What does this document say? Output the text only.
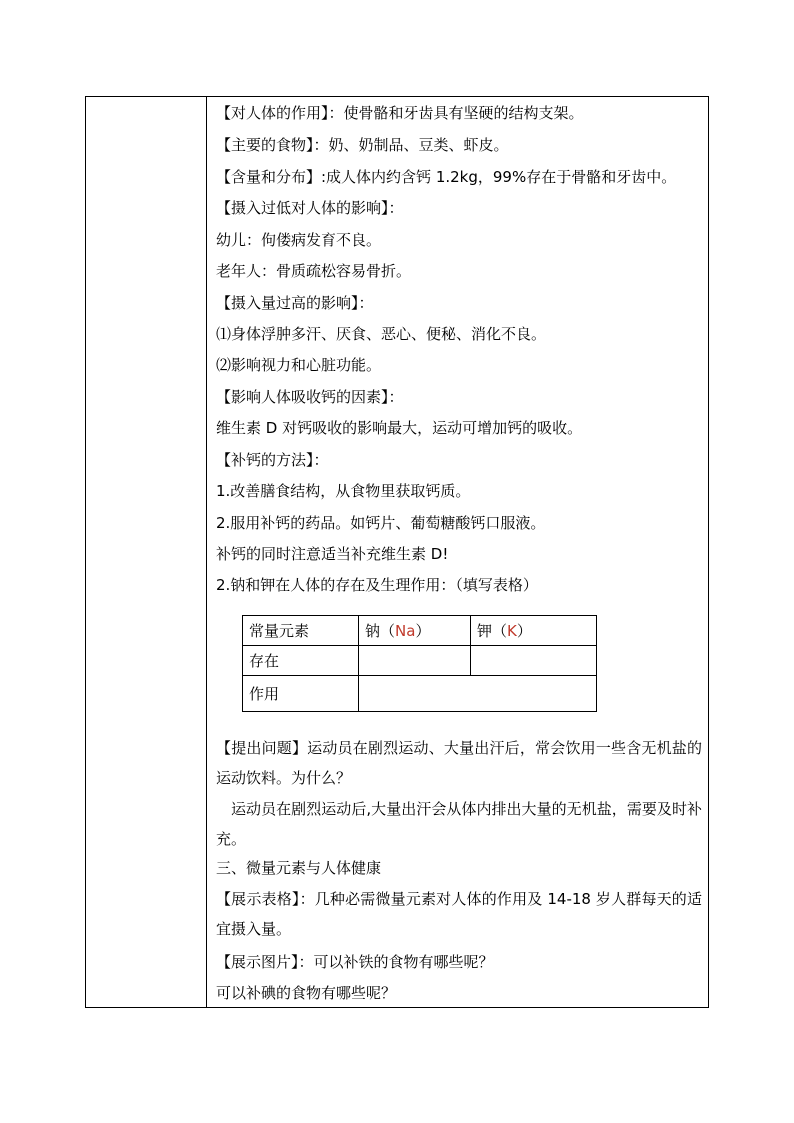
【对人体的作用】：使骨骼和牙齿具有坚硬的结构支架。
【主要的食物】：奶、奶制品、豆类、虾皮。
【含量和分布】:成人体内约含钙 1.2kg，99%存在于骨骼和牙齿中。
【摄入过低对人体的影响】：
幼儿：佝偻病发育不良。
老年人：骨质疏松容易骨折。
【摄入量过高的影响】：
⑴身体浮肿多汗、厌食、恶心、便秘、消化不良。
⑵影响视力和心脏功能。
【影响人体吸收钙的因素】：
维生素 D 对钙吸收的影响最大，运动可增加钙的吸收。
【补钙的方法】：
1.改善膳食结构，从食物里获取钙质。
2.服用补钙的药品。如钙片、葡萄糖酸钙口服液。
补钙的同时注意适当补充维生素 D!
2.钠和钾在人体的存在及生理作用：（填写表格）
常量元素	钠（Na）	钾（K）
存在		
作用		
【提出问题】运动员在剧烈运动、大量出汗后，常会饮用一些含无机盐的运动饮料。为什么？
运动员在剧烈运动后,大量出汗会从体内排出大量的无机盐，需要及时补充。
三、微量元素与人体健康
【展示表格】：几种必需微量元素对人体的作用及 14-18 岁人群每天的适宜摄入量。
【展示图片】：可以补铁的食物有哪些呢？
可以补碘的食物有哪些呢？
